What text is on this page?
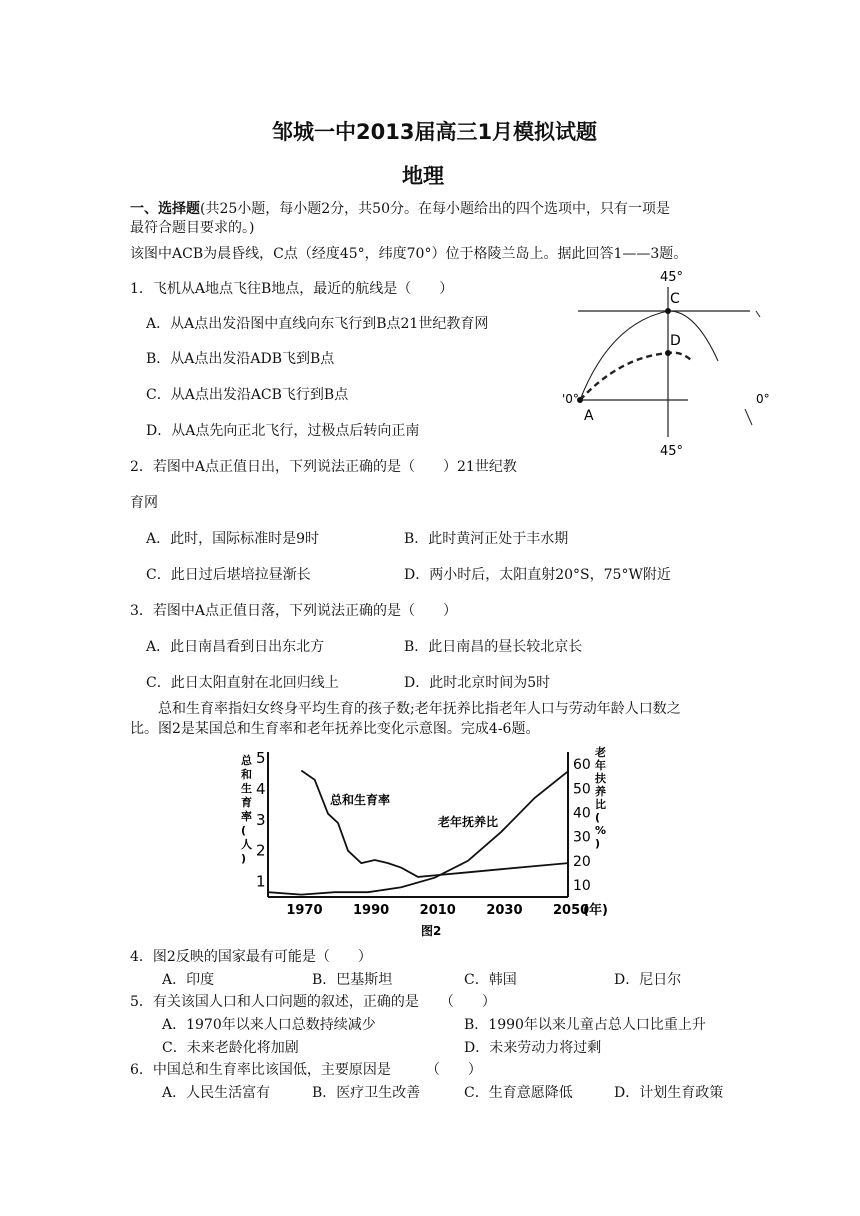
邹城一中2013届高三1月模拟试题
地理
一、选择题(共25小题，每小题2分，共50分。在每小题给出的四个选项中，只有一项是
最符合题目要求的。)
该图中ACB为晨昏线，C点（经度45°，纬度70°）位于格陵兰岛上。据此回答1——3题。
1．飞机从A地点飞往B地点，最近的航线是（　　）
A．从A点出发沿图中直线向东飞行到B点21世纪教育网
B．从A点出发沿ADB飞到B点
C．从A点出发沿ACB飞行到B点
D．从A点先向正北飞行，过极点后转向正南
45°
C
D
A
'0°	0°
45°
2．若图中A点正值日出，下列说法正确的是（　　）21世纪教
育网
A．此时，国际标准时是9时	B．此时黄河正处于丰水期
C．此日过后堪培拉昼渐长	D．两小时后，太阳直射20°S，75°W附近
3．若图中A点正值日落，下列说法正确的是（　　）
A．此日南昌看到日出东北方	B．此日南昌的昼长较北京长
C．此日太阳直射在北回归线上	D．此时北京时间为5时
总和生育率指妇女终身平均生育的孩子数;老年抚养比指老年人口与劳动年龄人口数之
比。图2是某国总和生育率和老年抚养比变化示意图。完成4-6题。
总
和
生
育
率
(
人
)
老
年
扶
养
比
(
%
)
1970 1990 2010 2030 2050
(年)
1
2
3
4
5
10
20
30
40
50
60
总和生育率
老年抚养比
图2
4．图2反映的国家最有可能是（　　）
A．印度	B．巴基斯坦	C．韩国	D．尼日尔
5．有关该国人口和人口问题的叙述，正确的是　　（　　）
A．1970年以来人口总数持续减少	B．1990年以来儿童占总人口比重上升
C．未来老龄化将加剧	D．未来劳动力将过剩
6．中国总和生育率比该国低，主要原因是　　　（　　）
A．人民生活富有	B．医疗卫生改善	C．生育意愿降低	D．计划生育政策
